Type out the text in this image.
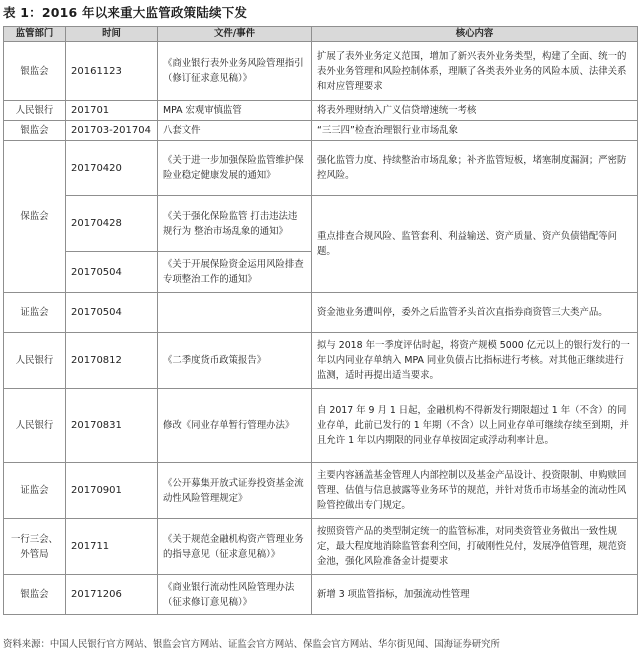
表 1：2016 年以来重大监管政策陆续下发
监管部门	时间	文件/事件	核心内容
银监会	20161123	《商业银行表外业务风险管理指引（修订征求意见稿）》	扩展了表外业务定义范围，增加了新兴表外业务类型，构建了全面、统一的表外业务管理和风险控制体系，理顺了各类表外业务的风险本质、法律关系和对应管理要求
人民银行	201701	MPA 宏观审慎监管	将表外理财纳入广义信贷增速统一考核
银监会	201703-201704	八套文件	“三三四”检查治理银行业市场乱象
保监会	20170420	《关于进一步加强保险监管维护保险业稳定健康发展的通知》	强化监管力度、持续整治市场乱象；补齐监管短板，堵塞制度漏洞；严密防控风险。
	20170428	《关于强化保险监管 打击违法违规行为 整治市场乱象的通知》	重点排查合规风险、监管套利、利益输送、资产质量、资产负债错配等问题。
	20170504	《关于开展保险资金运用风险排查专项整治工作的通知》	
证监会	20170504		资金池业务遭叫停，委外之后监管矛头首次直指券商资管三大类产品。
人民银行	20170812	《二季度货币政策报告》	拟与 2018 年一季度评估时起，将资产规模 5000 亿元以上的银行发行的一年以内同业存单纳入 MPA 同业负债占比指标进行考核。对其他正继续进行监测，适时再提出适当要求。
人民银行	20170831	修改《同业存单暂行管理办法》	自 2017 年 9 月 1 日起，金融机构不得新发行期限超过 1 年（不含）的同业存单，此前已发行的 1 年期（不含）以上同业存单可继续存续至到期，并且允许 1 年以内期限的同业存单按固定或浮动利率计息。
证监会	20170901	《公开募集开放式证券投资基金流动性风险管理规定》	主要内容涵盖基金管理人内部控制以及基金产品设计、投资限制、申购赎回管理、估值与信息披露等业务环节的规范，并针对货币市场基金的流动性风险管控做出专门规定。
一行三会、外管局	201711	《关于规范金融机构资产管理业务的指导意见（征求意见稿）》	按照资管产品的类型制定统一的监管标准，对同类资管业务做出一致性规定，最大程度地消除监管套利空间，打破刚性兑付，发展净值管理，规范资金池，强化风险准备金计提要求
银监会	20171206	《商业银行流动性风险管理办法（征求修订意见稿）》	新增 3 项监管指标，加强流动性管理
资料来源：中国人民银行官方网站、银监会官方网站、证监会官方网站、保监会官方网站、华尔街见闻、国海证券研究所
